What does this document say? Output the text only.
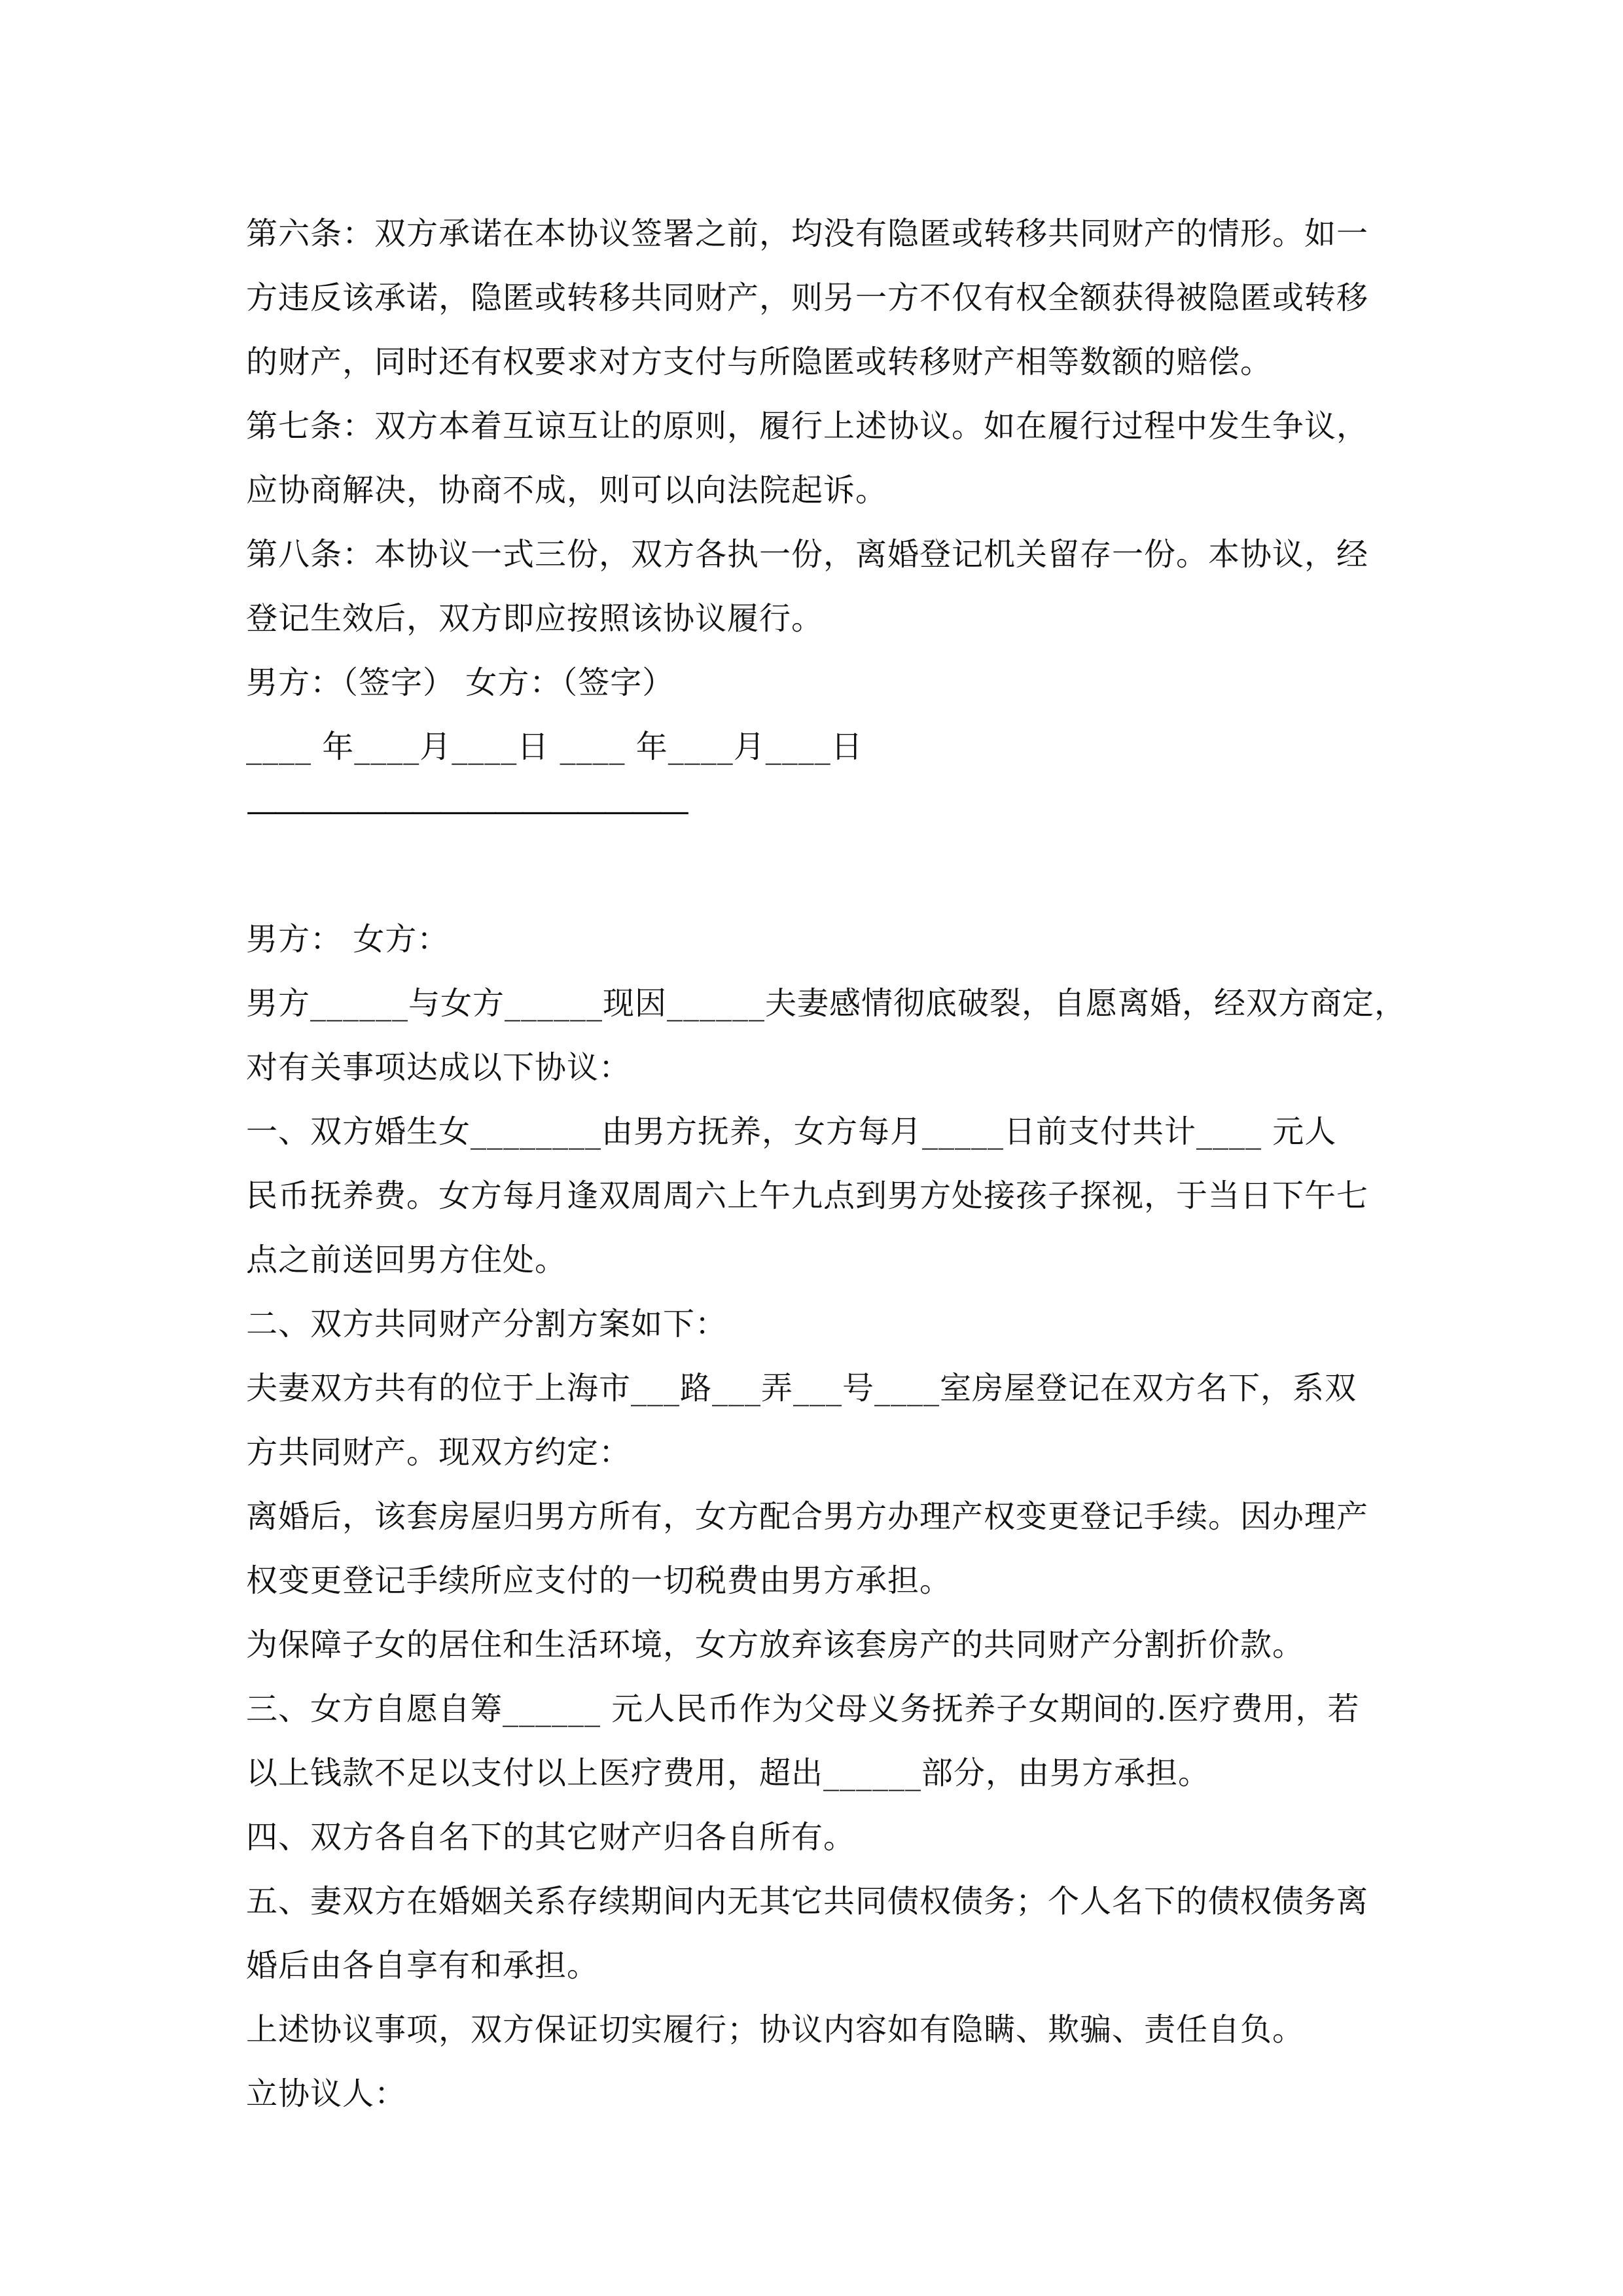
第六条：双方承诺在本协议签署之前，均没有隐匿或转移共同财产的情形。如一
方违反该承诺，隐匿或转移共同财产，则另一方不仅有权全额获得被隐匿或转移
的财产，同时还有权要求对方支付与所隐匿或转移财产相等数额的赔偿。
第七条：双方本着互谅互让的原则，履行上述协议。如在履行过程中发生争议，
应协商解决，协商不成，则可以向法院起诉。
第八条：本协议一式三份，双方各执一份，离婚登记机关留存一份。本协议，经
登记生效后，双方即应按照该协议履行。
男方：（签字） 女方：（签字）
____ 年____月____日 ____ 年____月____日
————————————————
男方： 女方：
男方______与女方______现因______夫妻感情彻底破裂，自愿离婚，经双方商定，
对有关事项达成以下协议：
一、双方婚生女________由男方抚养，女方每月_____日前支付共计____ 元人
民币抚养费。女方每月逢双周周六上午九点到男方处接孩子探视，于当日下午七
点之前送回男方住处。
二、双方共同财产分割方案如下：
夫妻双方共有的位于上海市___路___弄___号____室房屋登记在双方名下，系双
方共同财产。现双方约定：
离婚后，该套房屋归男方所有，女方配合男方办理产权变更登记手续。因办理产
权变更登记手续所应支付的一切税费由男方承担。
为保障子女的居住和生活环境，女方放弃该套房产的共同财产分割折价款。
三、女方自愿自筹______ 元人民币作为父母义务抚养子女期间的.医疗费用，若
以上钱款不足以支付以上医疗费用，超出______部分，由男方承担。
四、双方各自名下的其它财产归各自所有。
五、妻双方在婚姻关系存续期间内无其它共同债权债务；个人名下的债权债务离
婚后由各自享有和承担。
上述协议事项，双方保证切实履行；协议内容如有隐瞒、欺骗、责任自负。
立协议人：
